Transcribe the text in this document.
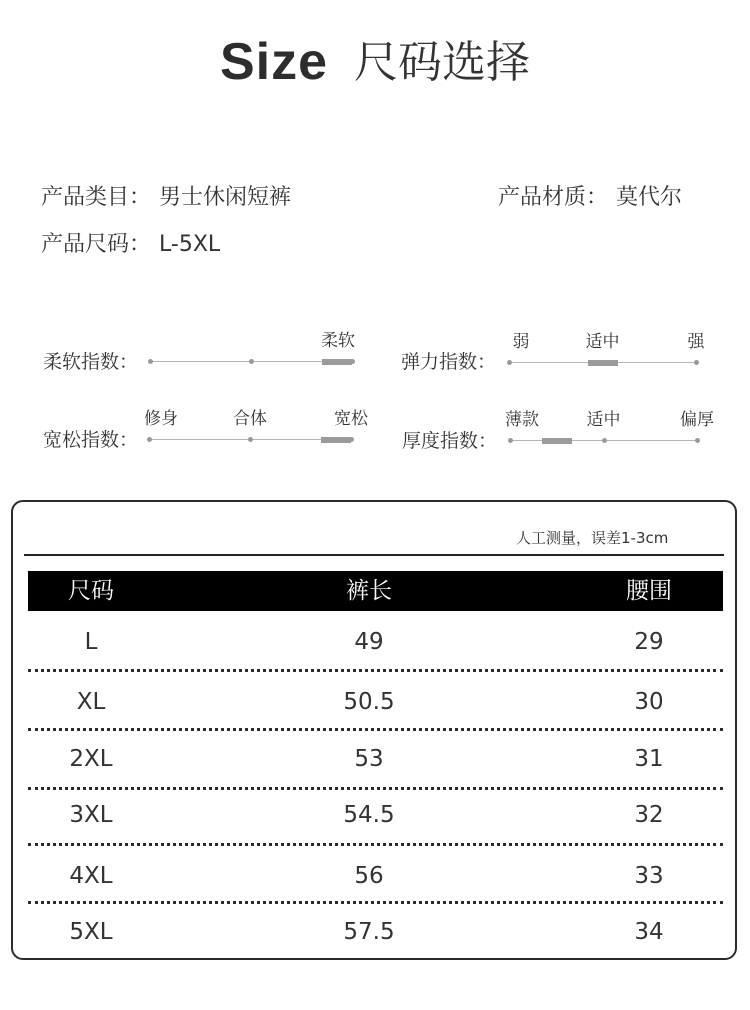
Size 尺码选择
产品类目： 男士休闲短裤	产品材质： 莫代尔
产品尺码： L-5XL
柔软指数：
柔软
弹力指数：
弱	适中	强
宽松指数：
修身	合体	宽松
厚度指数：
薄款	适中	偏厚
人工测量，误差1-3cm
尺码	裤长	腰围
L	49	29
XL	50.5	30
2XL	53	31
3XL	54.5	32
4XL	56	33
5XL	57.5	34
